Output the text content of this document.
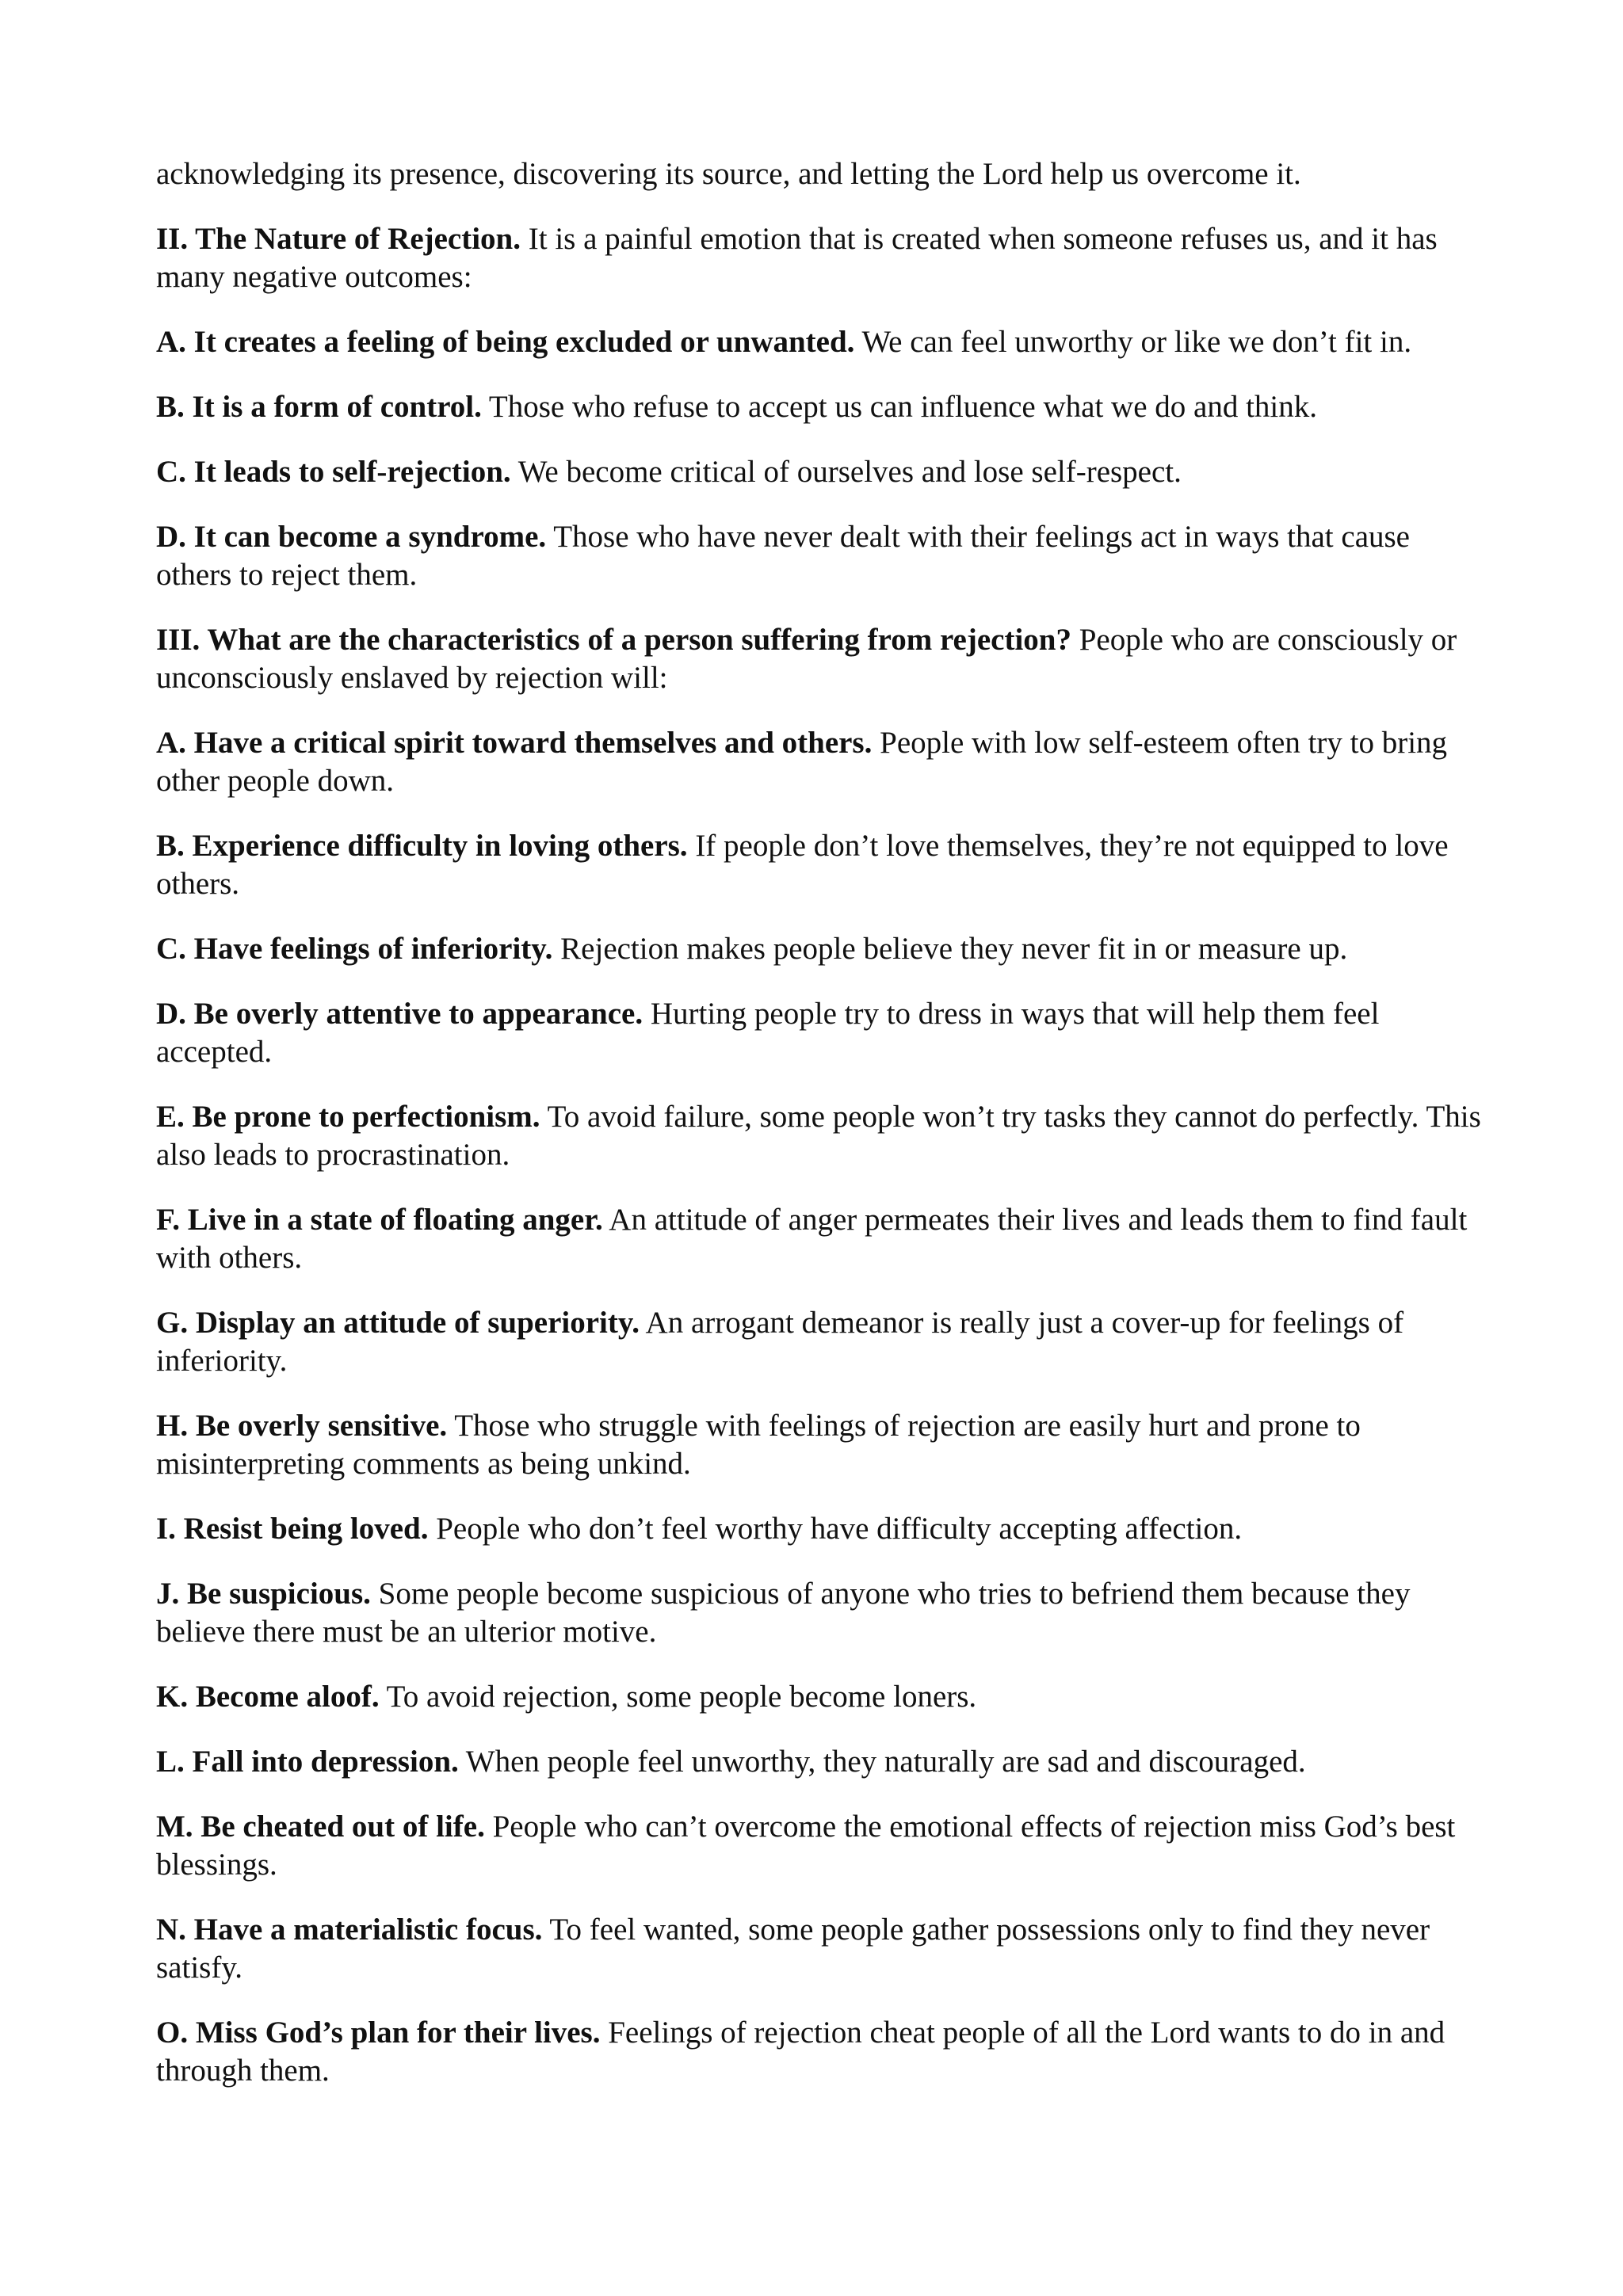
acknowledging its presence, discovering its source, and letting the Lord help us overcome it.

II. The Nature of Rejection. It is a painful emotion that is created when someone refuses us, and it has many negative outcomes:

A. It creates a feeling of being excluded or unwanted. We can feel unworthy or like we don’t fit in.

B. It is a form of control. Those who refuse to accept us can influence what we do and think.

C. It leads to self-rejection. We become critical of ourselves and lose self-respect.

D. It can become a syndrome. Those who have never dealt with their feelings act in ways that cause others to reject them.

III. What are the characteristics of a person suffering from rejection? People who are consciously or unconsciously enslaved by rejection will:

A. Have a critical spirit toward themselves and others. People with low self-esteem often try to bring other people down.

B. Experience difficulty in loving others. If people don’t love themselves, they’re not equipped to love others.

C. Have feelings of inferiority. Rejection makes people believe they never fit in or measure up.

D. Be overly attentive to appearance. Hurting people try to dress in ways that will help them feel accepted.

E. Be prone to perfectionism. To avoid failure, some people won’t try tasks they cannot do perfectly. This also leads to procrastination.

F. Live in a state of floating anger. An attitude of anger permeates their lives and leads them to find fault with others.

G. Display an attitude of superiority. An arrogant demeanor is really just a cover-up for feelings of inferiority.

H. Be overly sensitive. Those who struggle with feelings of rejection are easily hurt and prone to misinterpreting comments as being unkind.

I. Resist being loved. People who don’t feel worthy have difficulty accepting affection.

J. Be suspicious. Some people become suspicious of anyone who tries to befriend them because they believe there must be an ulterior motive.

K. Become aloof. To avoid rejection, some people become loners.

L. Fall into depression. When people feel unworthy, they naturally are sad and discouraged.

M. Be cheated out of life. People who can’t overcome the emotional effects of rejection miss God’s best blessings.

N. Have a materialistic focus. To feel wanted, some people gather possessions only to find they never satisfy.

O. Miss God’s plan for their lives. Feelings of rejection cheat people of all the Lord wants to do in and through them.
